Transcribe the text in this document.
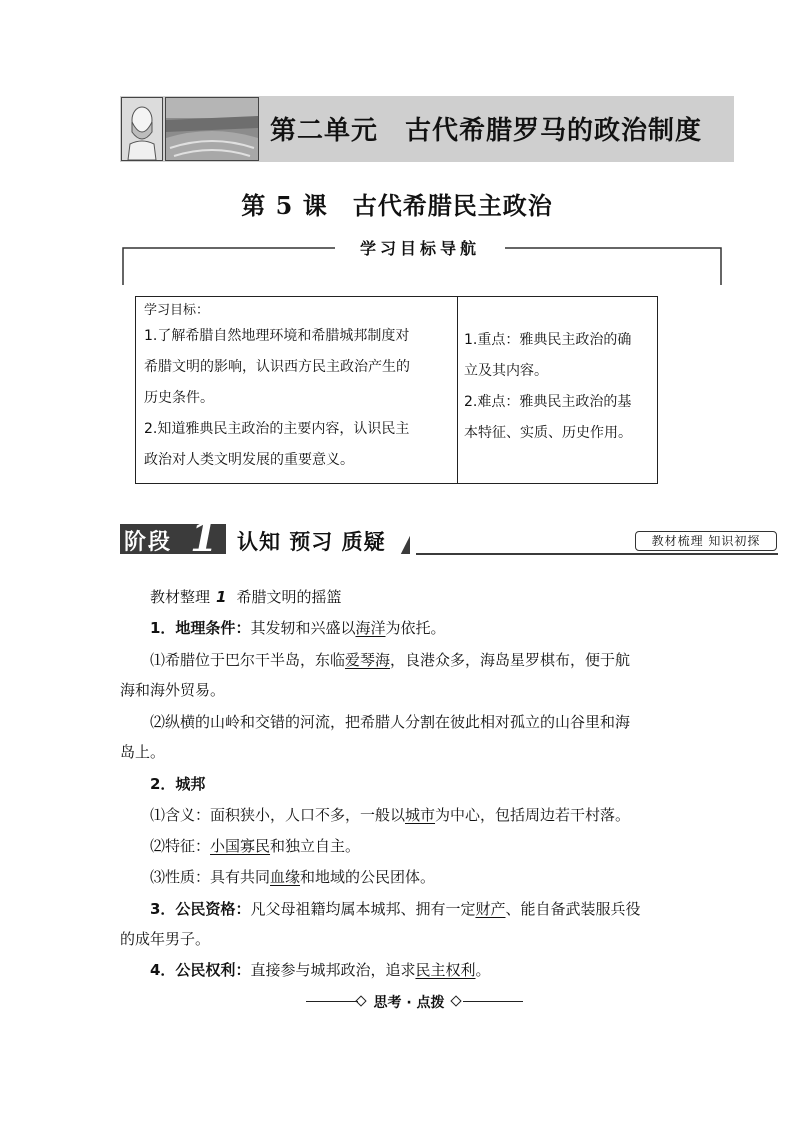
第二单元　古代希腊罗马的政治制度
第 5 课　古代希腊民主政治
学习目标导航
学习目标：
1.了解希腊自然地理环境和希腊城邦制度对
希腊文明的影响，认识西方民主政治产生的
历史条件。
2.知道雅典民主政治的主要内容，认识民主
政治对人类文明发展的重要意义。
1.重点：雅典民主政治的确
立及其内容。
2.难点：雅典民主政治的基
本特征、实质、历史作用。
阶段 1 认知 预习 质疑	教材梳理 知识初探
教材整理 1 希腊文明的摇篮
1．地理条件：其发轫和兴盛以海洋为依托。
⑴希腊位于巴尔干半岛，东临爱琴海，良港众多，海岛星罗棋布，便于航
海和海外贸易。
⑵纵横的山岭和交错的河流，把希腊人分割在彼此相对孤立的山谷里和海
岛上。
2．城邦
⑴含义：面积狭小，人口不多，一般以城市为中心，包括周边若干村落。
⑵特征：小国寡民和独立自主。
⑶性质：具有共同血缘和地域的公民团体。
3．公民资格：凡父母祖籍均属本城邦、拥有一定财产、能自备武装服兵役
的成年男子。
4．公民权利：直接参与城邦政治，追求民主权利。
思考 · 点拨
